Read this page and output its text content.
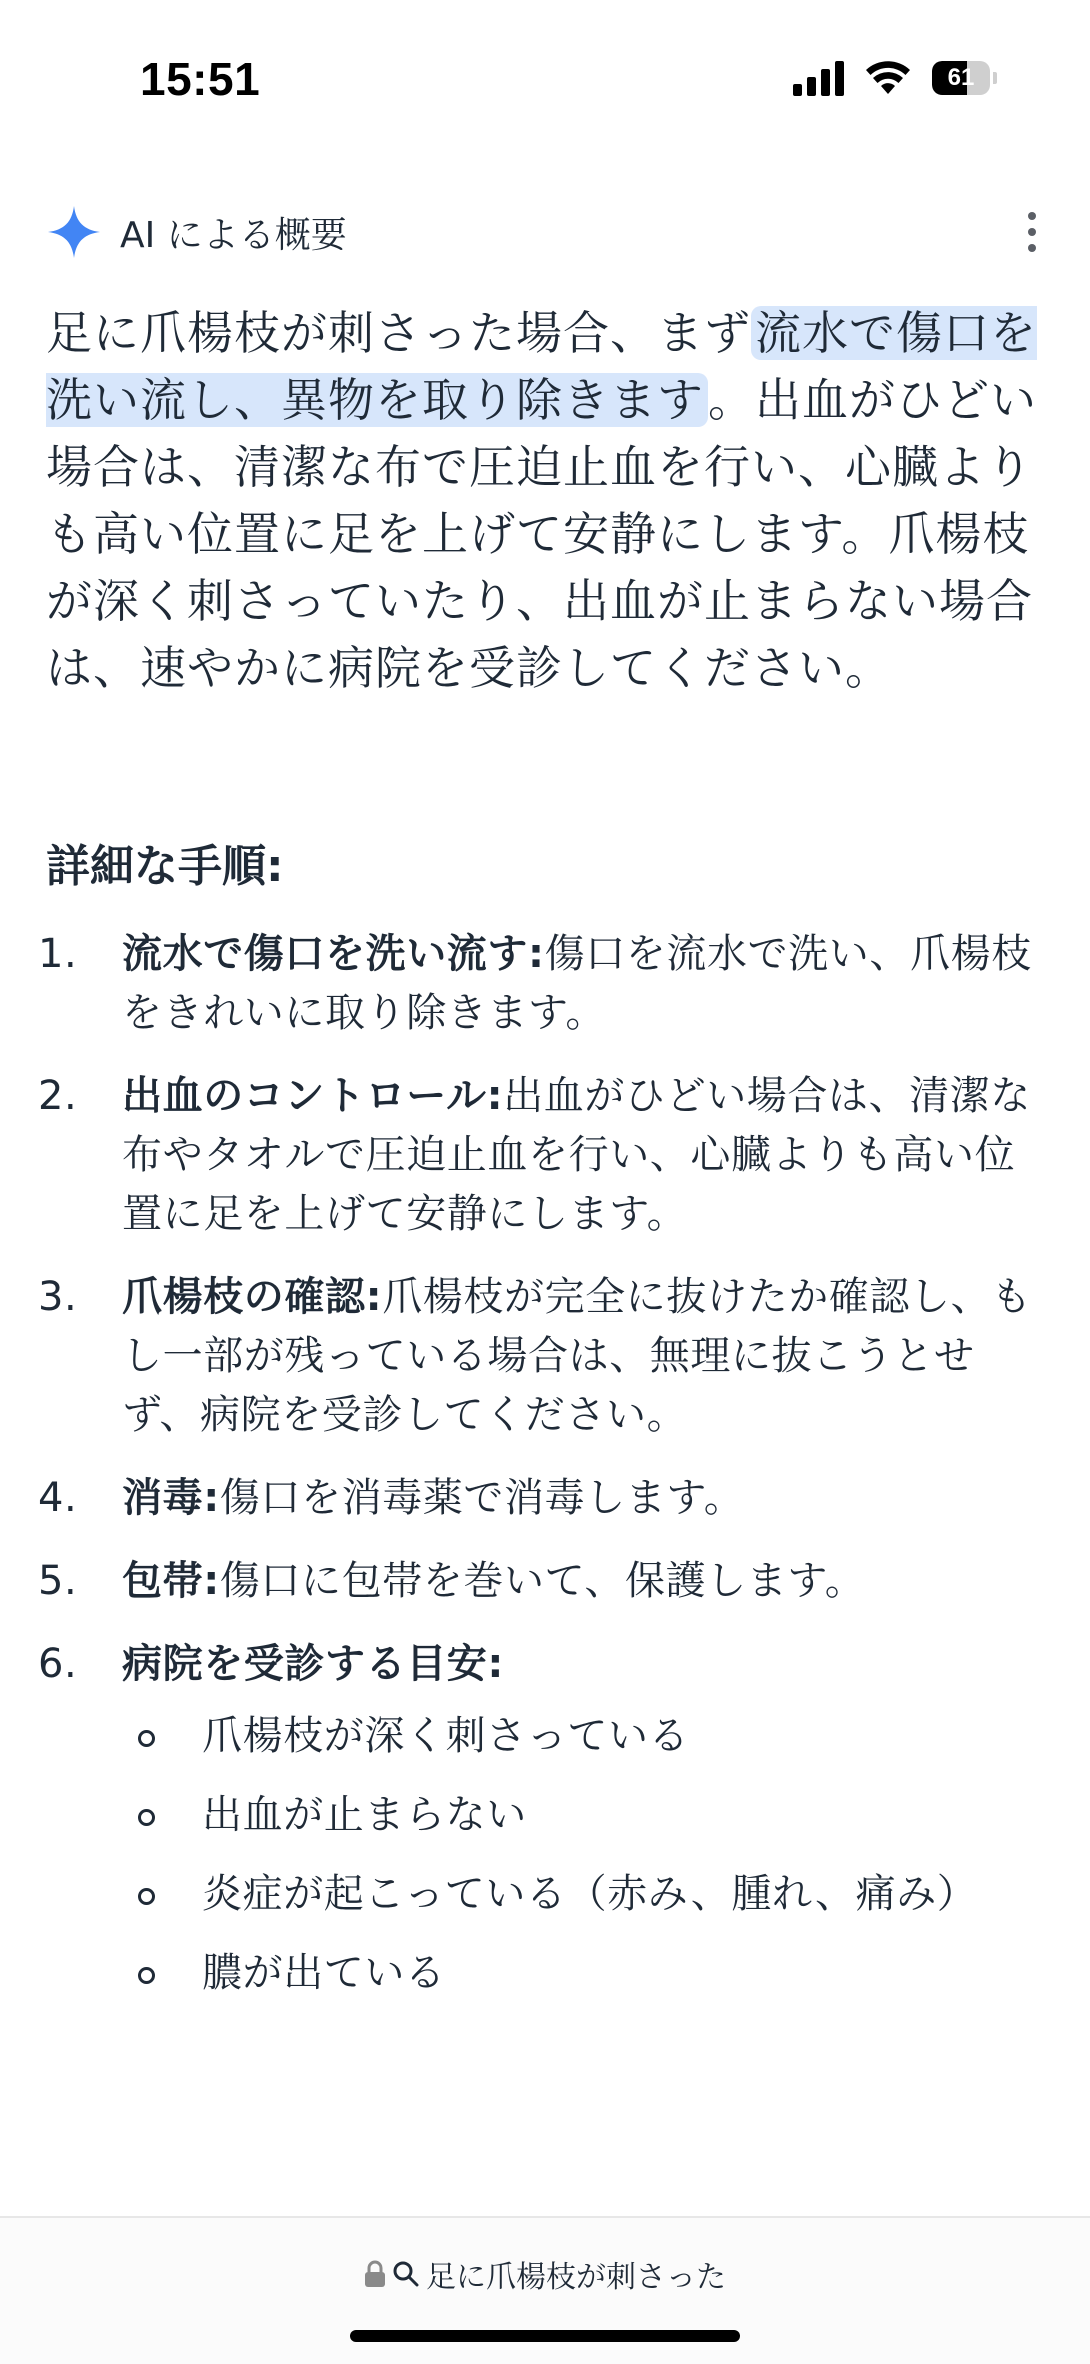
15:51	61
AI による概要
足に爪楊枝が刺さった場合、まず流水で傷口を洗い流し、異物を取り除きます。出血がひどい場合は、清潔な布で圧迫止血を行い、心臓よりも高い位置に足を上げて安静にします。爪楊枝が深く刺さっていたり、出血が止まらない場合は、速やかに病院を受診してください。
詳細な手順:
1. 流水で傷口を洗い流す:傷口を流水で洗い、爪楊枝をきれいに取り除きます。
2. 出血のコントロール:出血がひどい場合は、清潔な布やタオルで圧迫止血を行い、心臓よりも高い位置に足を上げて安静にします。
3. 爪楊枝の確認:爪楊枝が完全に抜けたか確認し、もし一部が残っている場合は、無理に抜こうとせず、病院を受診してください。
4. 消毒:傷口を消毒薬で消毒します。
5. 包帯:傷口に包帯を巻いて、保護します。
6. 病院を受診する目安:
爪楊枝が深く刺さっている
出血が止まらない
炎症が起こっている（赤み、腫れ、痛み）
膿が出ている
足に爪楊枝が刺さった
